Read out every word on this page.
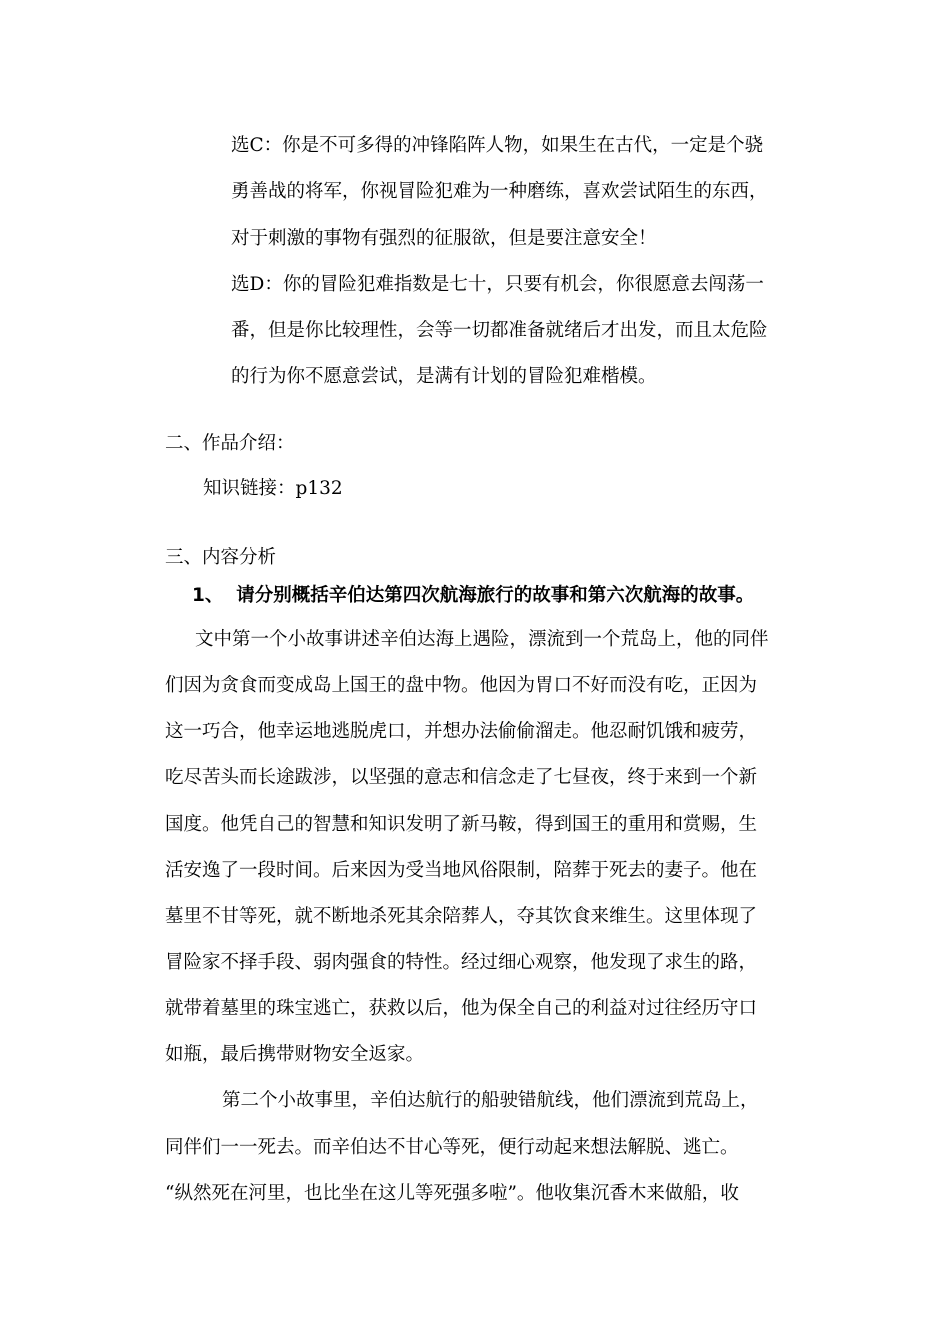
选C：你是不可多得的冲锋陷阵人物，如果生在古代，一定是个骁
勇善战的将军，你视冒险犯难为一种磨练，喜欢尝试陌生的东西，
对于刺激的事物有强烈的征服欲，但是要注意安全！
选D：你的冒险犯难指数是七十，只要有机会，你很愿意去闯荡一
番，但是你比较理性，会等一切都准备就绪后才出发，而且太危险
的行为你不愿意尝试，是满有计划的冒险犯难楷模。
二、作品介绍：
知识链接：p132
三、内容分析
1、  请分别概括辛伯达第四次航海旅行的故事和第六次航海的故事。
文中第一个小故事讲述辛伯达海上遇险，漂流到一个荒岛上，他的同伴
们因为贪食而变成岛上国王的盘中物。他因为胃口不好而没有吃，正因为
这一巧合，他幸运地逃脱虎口，并想办法偷偷溜走。他忍耐饥饿和疲劳，
吃尽苦头而长途跋涉，以坚强的意志和信念走了七昼夜，终于来到一个新
国度。他凭自己的智慧和知识发明了新马鞍，得到国王的重用和赏赐，生
活安逸了一段时间。后来因为受当地风俗限制，陪葬于死去的妻子。他在
墓里不甘等死，就不断地杀死其余陪葬人，夺其饮食来维生。这里体现了
冒险家不择手段、弱肉强食的特性。经过细心观察，他发现了求生的路，
就带着墓里的珠宝逃亡，获救以后，他为保全自己的利益对过往经历守口
如瓶，最后携带财物安全返家。
第二个小故事里，辛伯达航行的船驶错航线，他们漂流到荒岛上，
同伴们一一死去。而辛伯达不甘心等死，便行动起来想法解脱、逃亡。
“纵然死在河里，也比坐在这儿等死强多啦”。他收集沉香木来做船，收
